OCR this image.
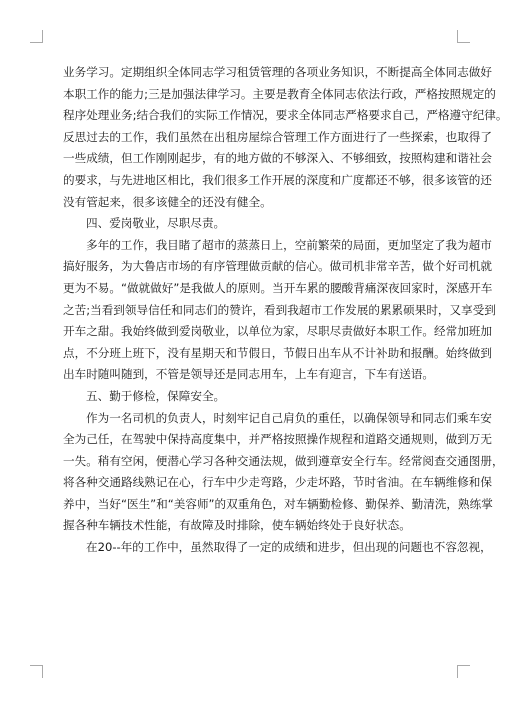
业务学习。定期组织全体同志学习租赁管理的各项业务知识，不断提高全体同志做好
本职工作的能力;三是加强法律学习。主要是教育全体同志依法行政，严格按照规定的
程序处理业务;结合我们的实际工作情况，要求全体同志严格要求自己，严格遵守纪律。
反思过去的工作，我们虽然在出租房屋综合管理工作方面进行了一些探索，也取得了
一些成绩，但工作刚刚起步，有的地方做的不够深入、不够细致，按照构建和谐社会
的要求，与先进地区相比，我们很多工作开展的深度和广度都还不够，很多该管的还
没有管起来，很多该健全的还没有健全。
四、爱岗敬业，尽职尽责。
多年的工作，我目睹了超市的蒸蒸日上，空前繁荣的局面，更加坚定了我为超市
搞好服务，为大鲁店市场的有序管理做贡献的信心。做司机非常辛苦，做个好司机就
更为不易。“做就做好”是我做人的原则。当开车累的腰酸背痛深夜回家时，深感开车
之苦;当看到领导信任和同志们的赞许，看到我超市工作发展的累累硕果时，又享受到
开车之甜。我始终做到爱岗敬业，以单位为家，尽职尽责做好本职工作。经常加班加
点，不分班上班下，没有星期天和节假日，节假日出车从不计补助和报酬。始终做到
出车时随叫随到，不管是领导还是同志用车，上车有迎言，下车有送语。
五、勤于修检，保障安全。
作为一名司机的负责人，时刻牢记自己肩负的重任，以确保领导和同志们乘车安
全为己任，在驾驶中保持高度集中，并严格按照操作规程和道路交通规则，做到万无
一失。稍有空闲，便潜心学习各种交通法规，做到遵章安全行车。经常阅查交通图册，
将各种交通路线熟记在心，行车中少走弯路，少走坏路，节时省油。在车辆维修和保
养中，当好“医生”和“美容师”的双重角色，对车辆勤检修、勤保养、勤清洗，熟练掌
握各种车辆技术性能，有故障及时排除，使车辆始终处于良好状态。
在20--年的工作中，虽然取得了一定的成绩和进步，但出现的问题也不容忽视，
